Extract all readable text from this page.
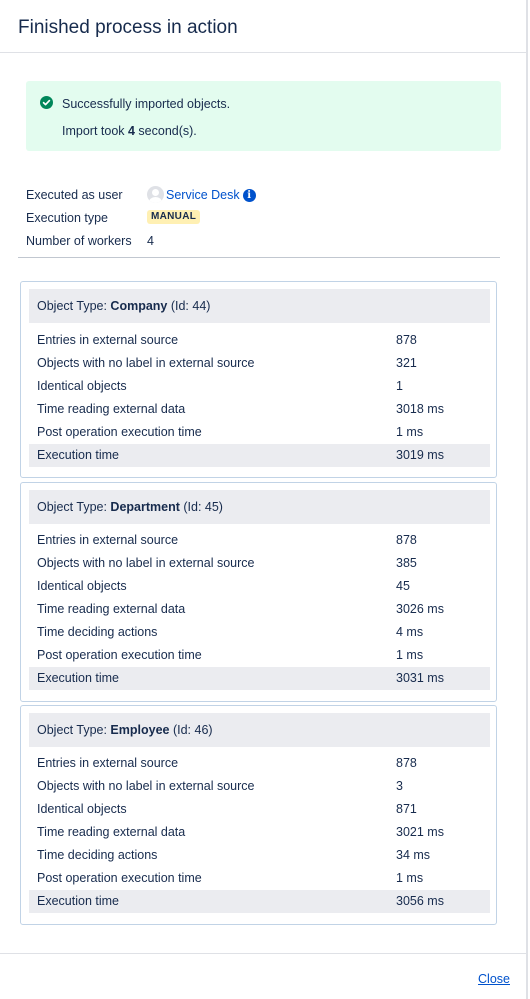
Finished process in action
Successfully imported objects.
Import took 4 second(s).
Executed as user	Service Desk i
Execution type	MANUAL
Number of workers 4
Object Type: Company (Id: 44)
Entries in external source	878
Objects with no label in external source	321
Identical objects	1
Time reading external data	3018 ms
Post operation execution time	1 ms
Execution time	3019 ms
Object Type: Department (Id: 45)
Entries in external source	878
Objects with no label in external source	385
Identical objects	45
Time reading external data	3026 ms
Time deciding actions	4 ms
Post operation execution time	1 ms
Execution time	3031 ms
Object Type: Employee (Id: 46)
Entries in external source	878
Objects with no label in external source	3
Identical objects	871
Time reading external data	3021 ms
Time deciding actions	34 ms
Post operation execution time	1 ms
Execution time	3056 ms
Close
